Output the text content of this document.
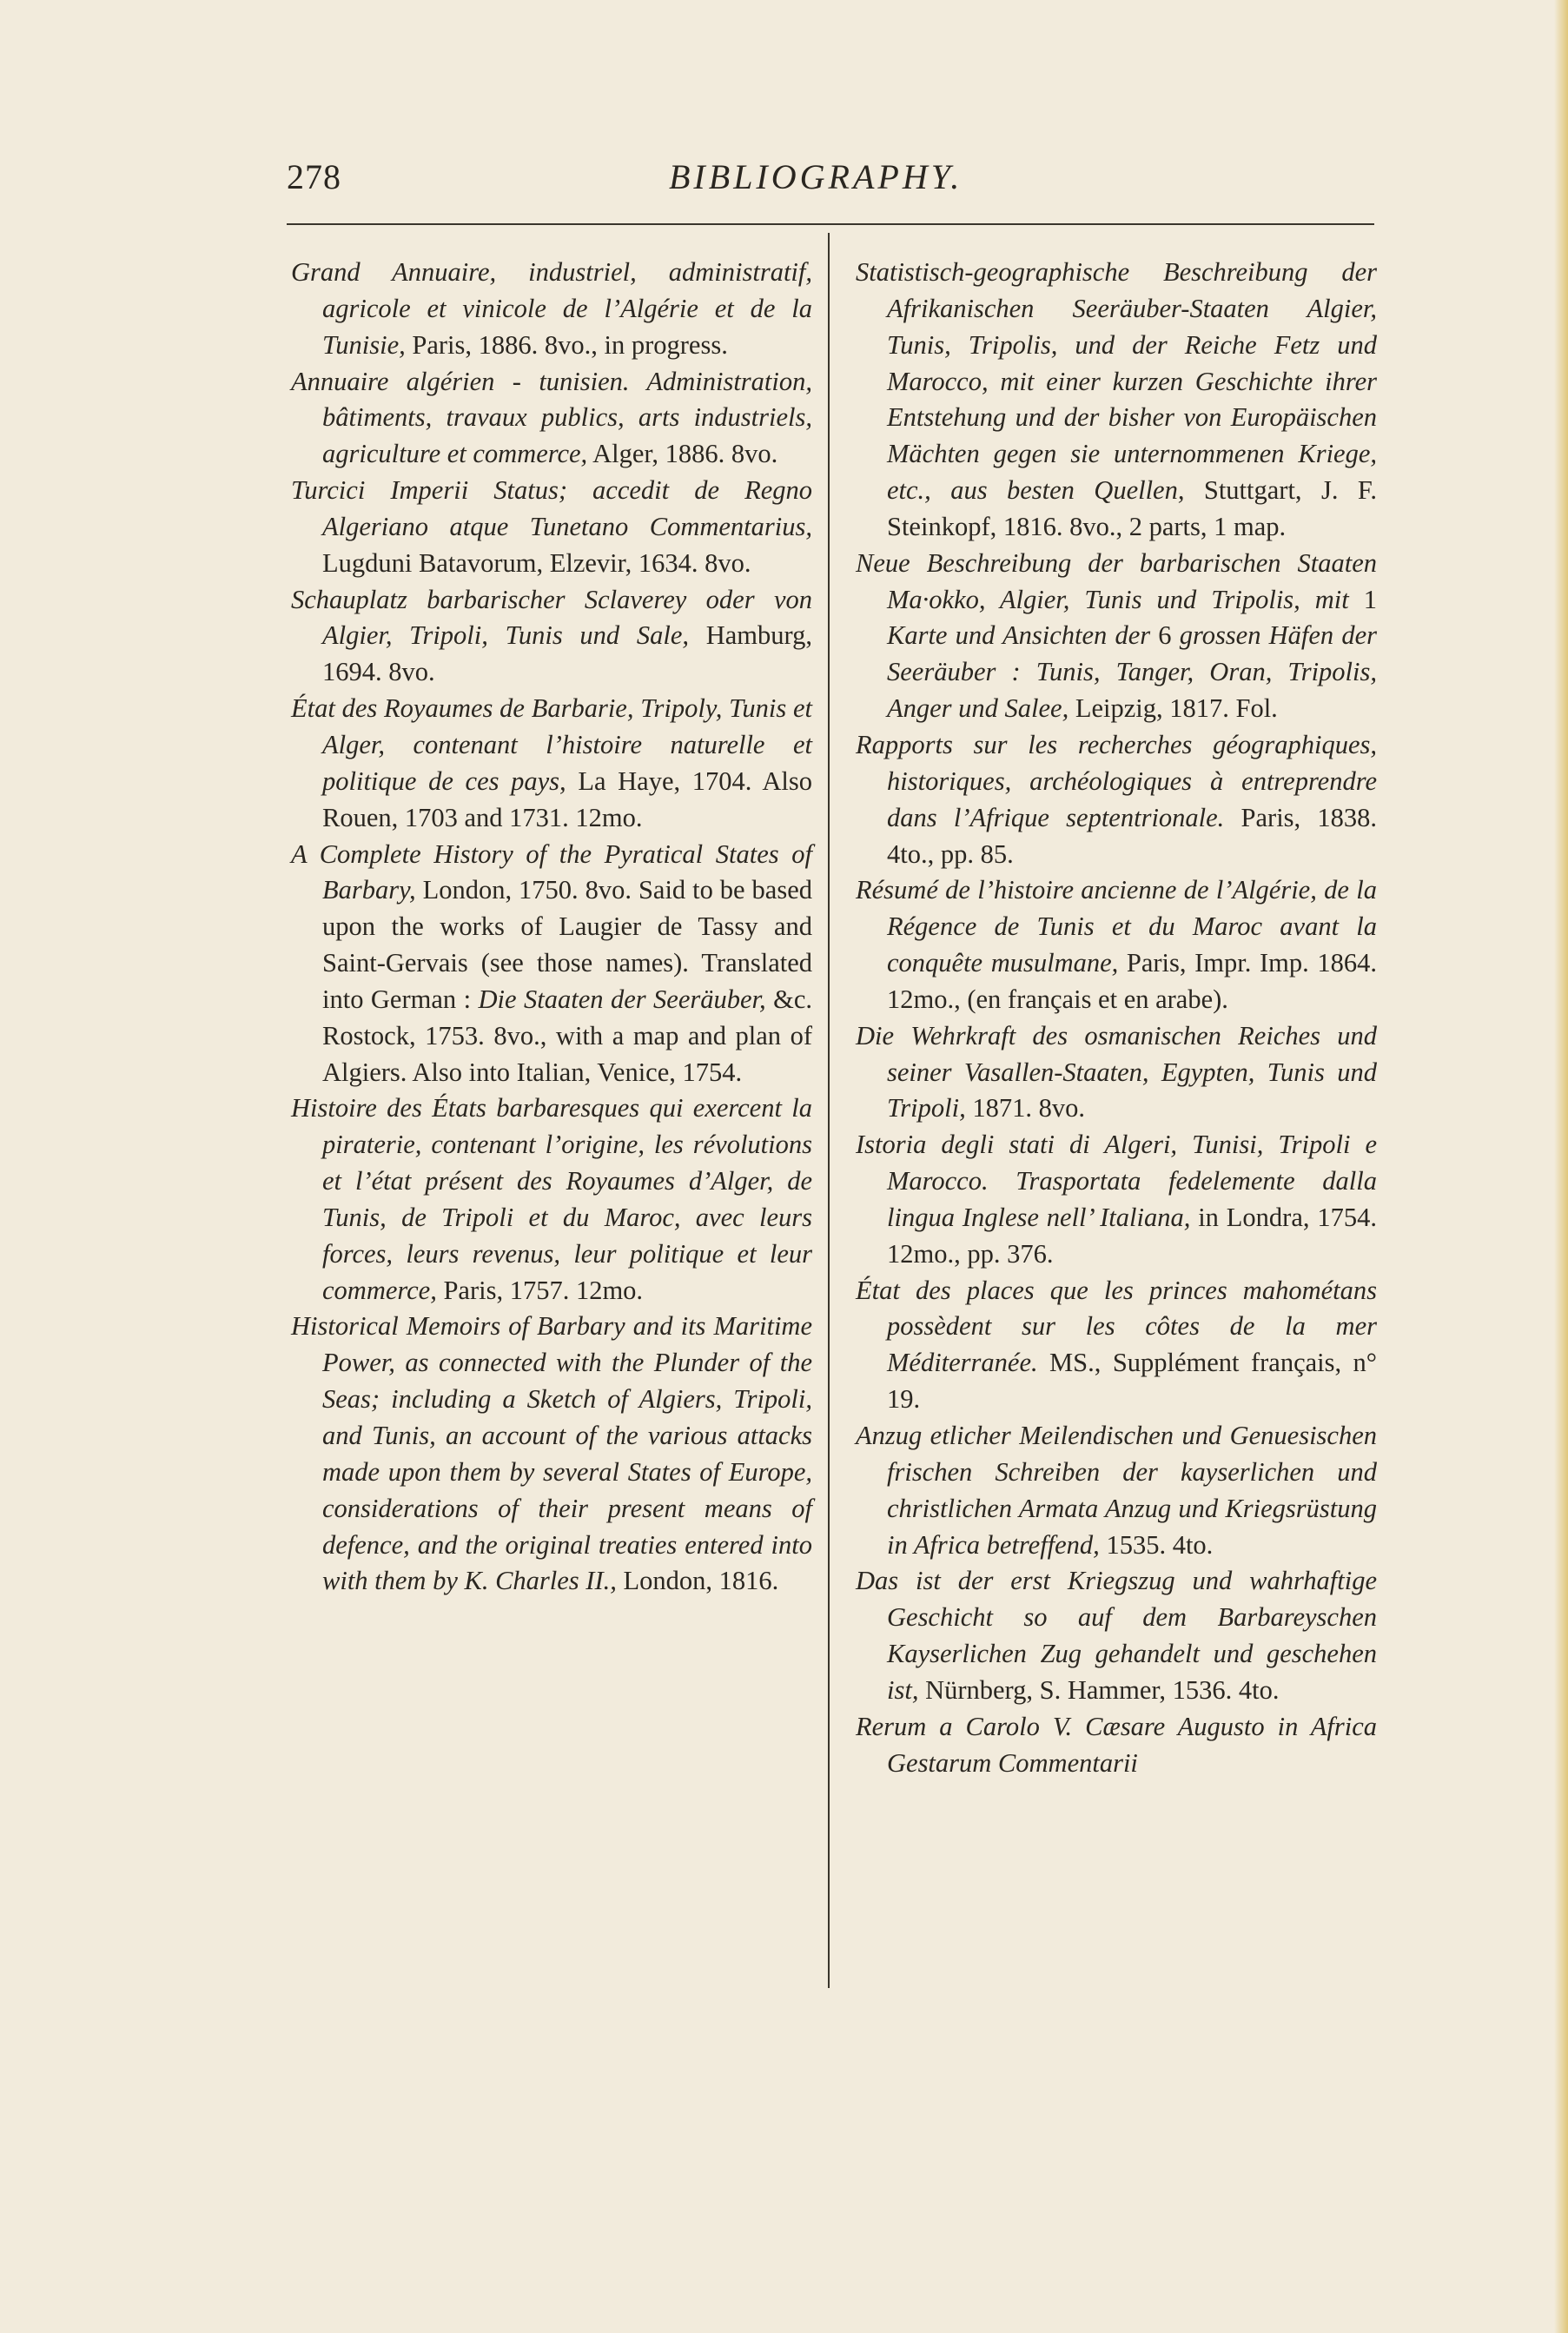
278	BIBLIOGRAPHY.

Grand Annuaire, industriel, administratif, agricole et vinicole de l’Algérie et de la Tunisie, Paris, 1886. 8vo., in progress.

Annuaire algérien - tunisien. Administration, bâtiments, travaux publics, arts industriels, agriculture et commerce, Alger, 1886. 8vo.

Turcici Imperii Status; accedit de Regno Algeriano atque Tunetano Commentarius, Lugduni Batavorum, Elzevir, 1634. 8vo.

Schauplatz barbarischer Sclaverey oder von Algier, Tripoli, Tunis und Sale, Hamburg, 1694. 8vo.

État des Royaumes de Barbarie, Tripoly, Tunis et Alger, contenant l’histoire naturelle et politique de ces pays, La Haye, 1704. Also Rouen, 1703 and 1731. 12mo.

A Complete History of the Pyratical States of Barbary, London, 1750. 8vo. Said to be based upon the works of Laugier de Tassy and Saint-Gervais (see those names). Translated into German : Die Staaten der Seeräuber, &c. Rostock, 1753. 8vo., with a map and plan of Algiers. Also into Italian, Venice, 1754.

Histoire des États barbaresques qui exercent la piraterie, contenant l’origine, les révolutions et l’état présent des Royaumes d’Alger, de Tunis, de Tripoli et du Maroc, avec leurs forces, leurs revenus, leur politique et leur commerce, Paris, 1757. 12mo.

Historical Memoirs of Barbary and its Maritime Power, as connected with the Plunder of the Seas; including a Sketch of Algiers, Tripoli, and Tunis, an account of the various attacks made upon them by several States of Europe, considerations of their present means of defence, and the original treaties entered into with them by K. Charles II., London, 1816.

Statistisch-geographische Beschreibung der Afrikanischen Seeräuber-Staaten Algier, Tunis, Tripolis, und der Reiche Fetz und Marocco, mit einer kurzen Geschichte ihrer Entstehung und der bisher von Europäischen Mächten gegen sie unternommenen Kriege, etc., aus besten Quellen, Stuttgart, J. F. Steinkopf, 1816. 8vo., 2 parts, 1 map.

Neue Beschreibung der barbarischen Staaten Ma·okko, Algier, Tunis und Tripolis, mit 1 Karte und Ansichten der 6 grossen Häfen der Seeräuber : Tunis, Tanger, Oran, Tripolis, Anger und Salee, Leipzig, 1817. Fol.

Rapports sur les recherches géographiques, historiques, archéologiques à entreprendre dans l’Afrique septentrionale. Paris, 1838. 4to., pp. 85.

Résumé de l’histoire ancienne de l’Algérie, de la Régence de Tunis et du Maroc avant la conquête musulmane, Paris, Impr. Imp. 1864. 12mo., (en français et en arabe).

Die Wehrkraft des osmanischen Reiches und seiner Vasallen-Staaten, Egypten, Tunis und Tripoli, 1871. 8vo.

Istoria degli stati di Algeri, Tunisi, Tripoli e Marocco. Trasportata fedelemente dalla lingua Inglese nell’ Italiana, in Londra, 1754. 12mo., pp. 376.

État des places que les princes mahométans possèdent sur les côtes de la mer Méditerranée. MS., Supplément français, n° 19.

Anzug etlicher Meilendischen und Genuesischen frischen Schreiben der kayserlichen und christlichen Armata Anzug und Kriegsrüstung in Africa betreffend, 1535. 4to.

Das ist der erst Kriegszug und wahrhaftige Geschicht so auf dem Barbareyschen Kayserlichen Zug gehandelt und geschehen ist, Nürnberg, S. Hammer, 1536. 4to.

Rerum a Carolo V. Cæsare Augusto in Africa Gestarum Commentarii
